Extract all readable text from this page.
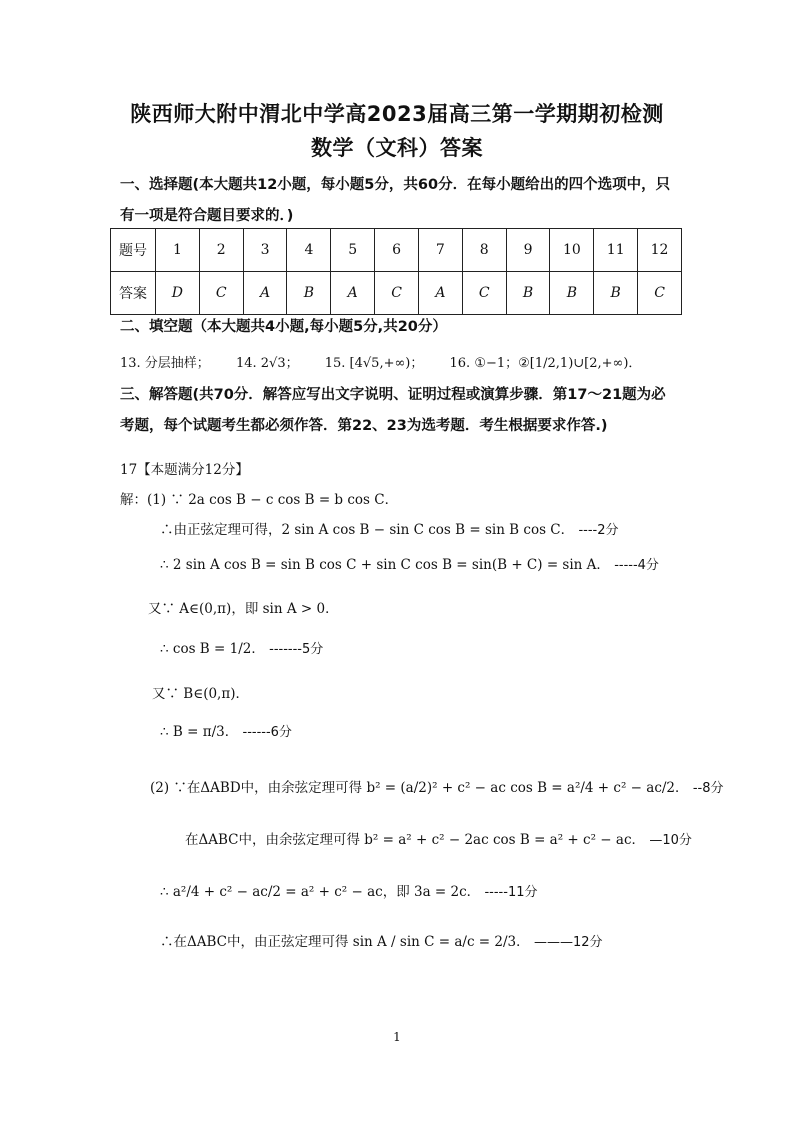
陕西师大附中渭北中学高2023届高三第一学期期初检测
数学（文科）答案
一、选择题(本大题共12小题，每小题5分，共60分．在每小题给出的四个选项中，只有一项是符合题目要求的．)
题号	1	2	3	4	5	6	7	8	9	10	11	12
答案	D	C	A	B	A	C	A	C	B	B	B	C
二、填空题（本大题共4小题,每小题5分,共20分）
13. 分层抽样； 14. 2√3； 15. [4√5,+∞)； 16. ①−1；②[1/2,1)∪[2,+∞)．
三、解答题(共70分．解答应写出文字说明、证明过程或演算步骤．第17～21题为必考题，每个试题考生都必须作答．第22、23为选考题．考生根据要求作答.)
17【本题满分12分】
解：(1) ∵ 2a cos B − c cos B = b cos C．
∴由正弦定理可得，2 sin A cos B − sin C cos B = sin B cos C． ----2分
∴ 2 sin A cos B = sin B cos C + sin C cos B = sin(B + C) = sin A． -----4分
又∵ A∈(0,π)，即 sin A > 0．
∴ cos B = 1/2． -------5分
又∵ B∈(0,π)．
∴ B = π/3． ------6分
(2) ∵在ΔABD中，由余弦定理可得 b² = (a/2)² + c² − ac cos B = a²/4 + c² − ac/2． --8分
在ΔABC中，由余弦定理可得 b² = a² + c² − 2ac cos B = a² + c² − ac． —10分
∴ a²/4 + c² − ac/2 = a² + c² − ac，即 3a = 2c． -----11分
∴在ΔABC中，由正弦定理可得 sin A / sin C = a/c = 2/3． ———12分
1
